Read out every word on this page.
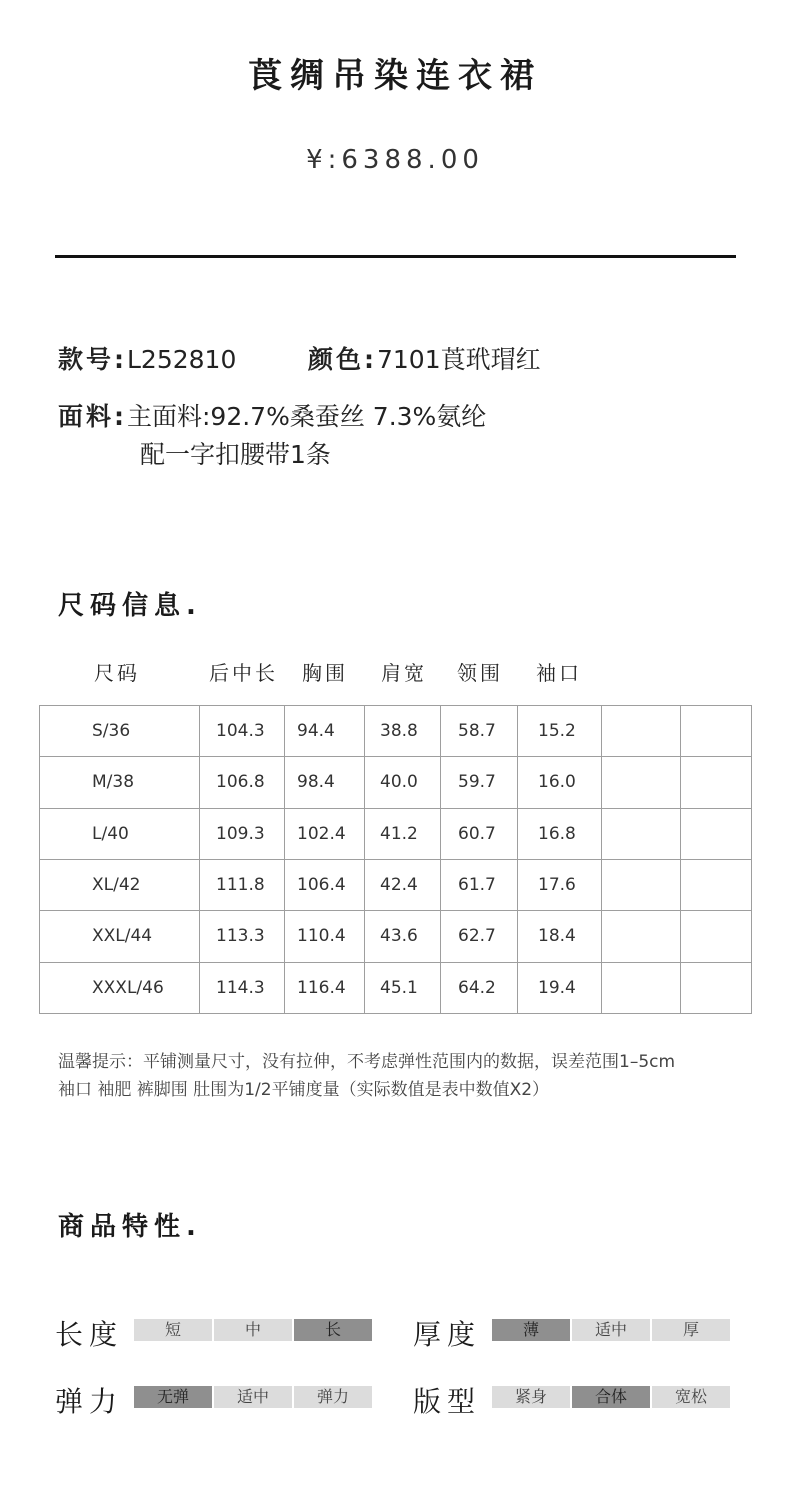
莨绸吊染连衣裙
¥:6388.00
款号:L252810	颜色:7101莨玳瑁红
面料:主面料:92.7%桑蚕丝 7.3%氨纶
配一字扣腰带1条
尺码信息.
尺码	后中长 胸围 肩宽 领围 袖口
S/36	104.3	94.4	38.8	58.7	15.2		
M/38	106.8	98.4	40.0	59.7	16.0		
L/40	109.3	102.4	41.2	60.7	16.8		
XL/42	111.8	106.4	42.4	61.7	17.6		
XXL/44	113.3	110.4	43.6	62.7	18.4		
XXXL/46	114.3	116.4	45.1	64.2	19.4		
温馨提示：平铺测量尺寸，没有拉伸，不考虑弹性范围内的数据，误差范围1–5cm
袖口 袖肥 裤脚围 肚围为1/2平铺度量（实际数值是表中数值X2）
商品特性.
长度	厚度
弹力	版型
短	中	长	薄	适中	厚
无弹	适中	弹力	紧身	合体	宽松
